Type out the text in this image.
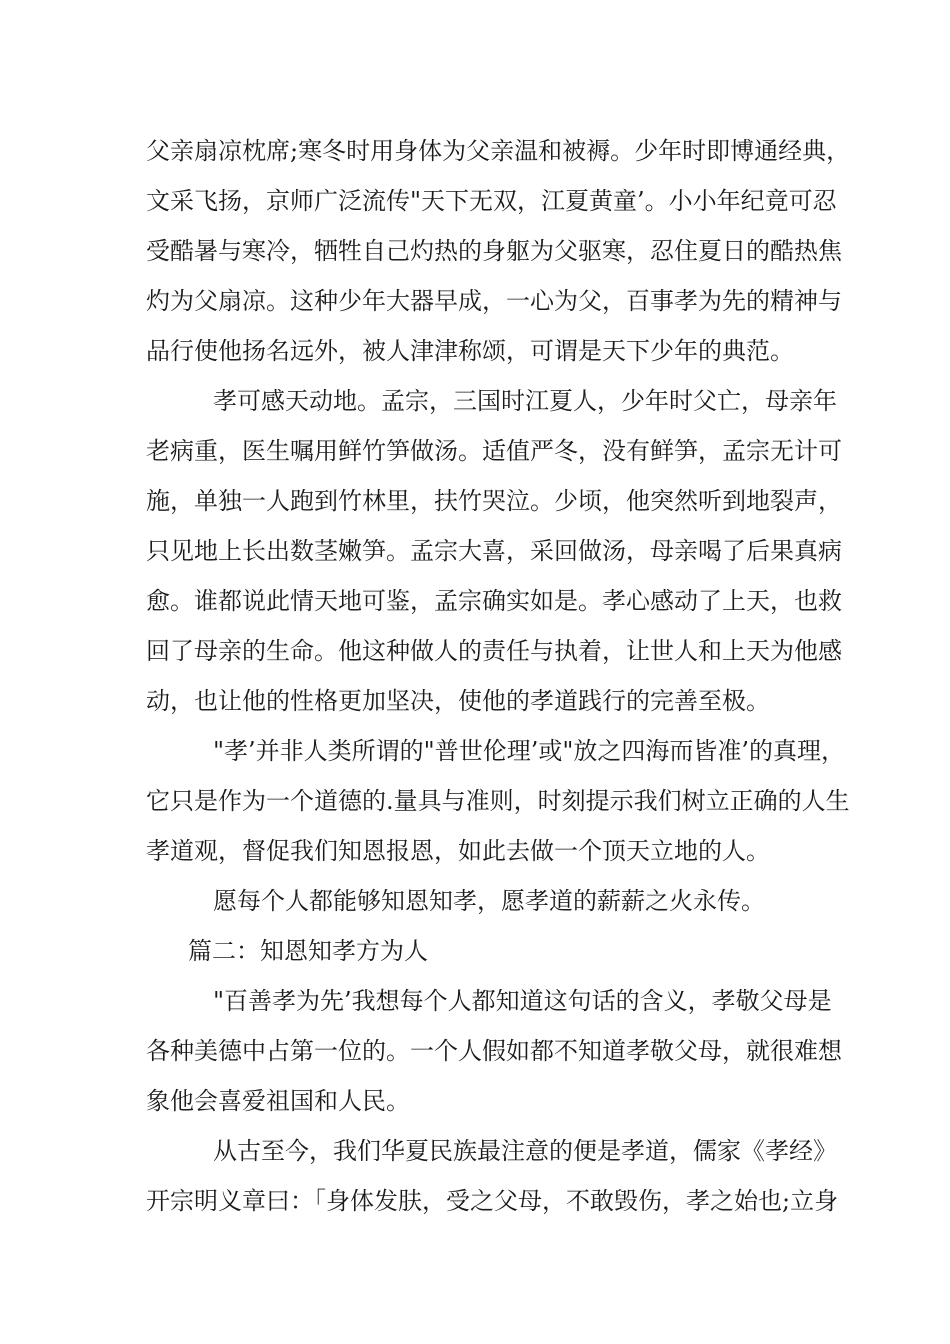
父亲扇凉枕席;寒冬时用身体为父亲温和被褥。少年时即博通经典，
文采飞扬，京师广泛流传"天下无双，江夏黄童’。小小年纪竟可忍
受酷暑与寒冷，牺牲自己灼热的身躯为父驱寒，忍住夏日的酷热焦
灼为父扇凉。这种少年大器早成，一心为父，百事孝为先的精神与
品行使他扬名远外，被人津津称颂，可谓是天下少年的典范。
孝可感天动地。孟宗，三国时江夏人，少年时父亡，母亲年
老病重，医生嘱用鲜竹笋做汤。适值严冬，没有鲜笋，孟宗无计可
施，单独一人跑到竹林里，扶竹哭泣。少顷，他突然听到地裂声，
只见地上长出数茎嫩笋。孟宗大喜，采回做汤，母亲喝了后果真病
愈。谁都说此情天地可鉴，孟宗确实如是。孝心感动了上天，也救
回了母亲的生命。他这种做人的责任与执着，让世人和上天为他感
动，也让他的性格更加坚决，使他的孝道践行的完善至极。
"孝’并非人类所谓的"普世伦理’或"放之四海而皆准’的真理，
它只是作为一个道德的.量具与准则，时刻提示我们树立正确的人生
孝道观，督促我们知恩报恩，如此去做一个顶天立地的人。
愿每个人都能够知恩知孝，愿孝道的薪薪之火永传。
篇二：知恩知孝方为人
"百善孝为先’我想每个人都知道这句话的含义，孝敬父母是
各种美德中占第一位的。一个人假如都不知道孝敬父母，就很难想
象他会喜爱祖国和人民。
从古至今，我们华夏民族最注意的便是孝道，儒家《孝经》
开宗明义章曰：「身体发肤，受之父母，不敢毁伤，孝之始也;立身
